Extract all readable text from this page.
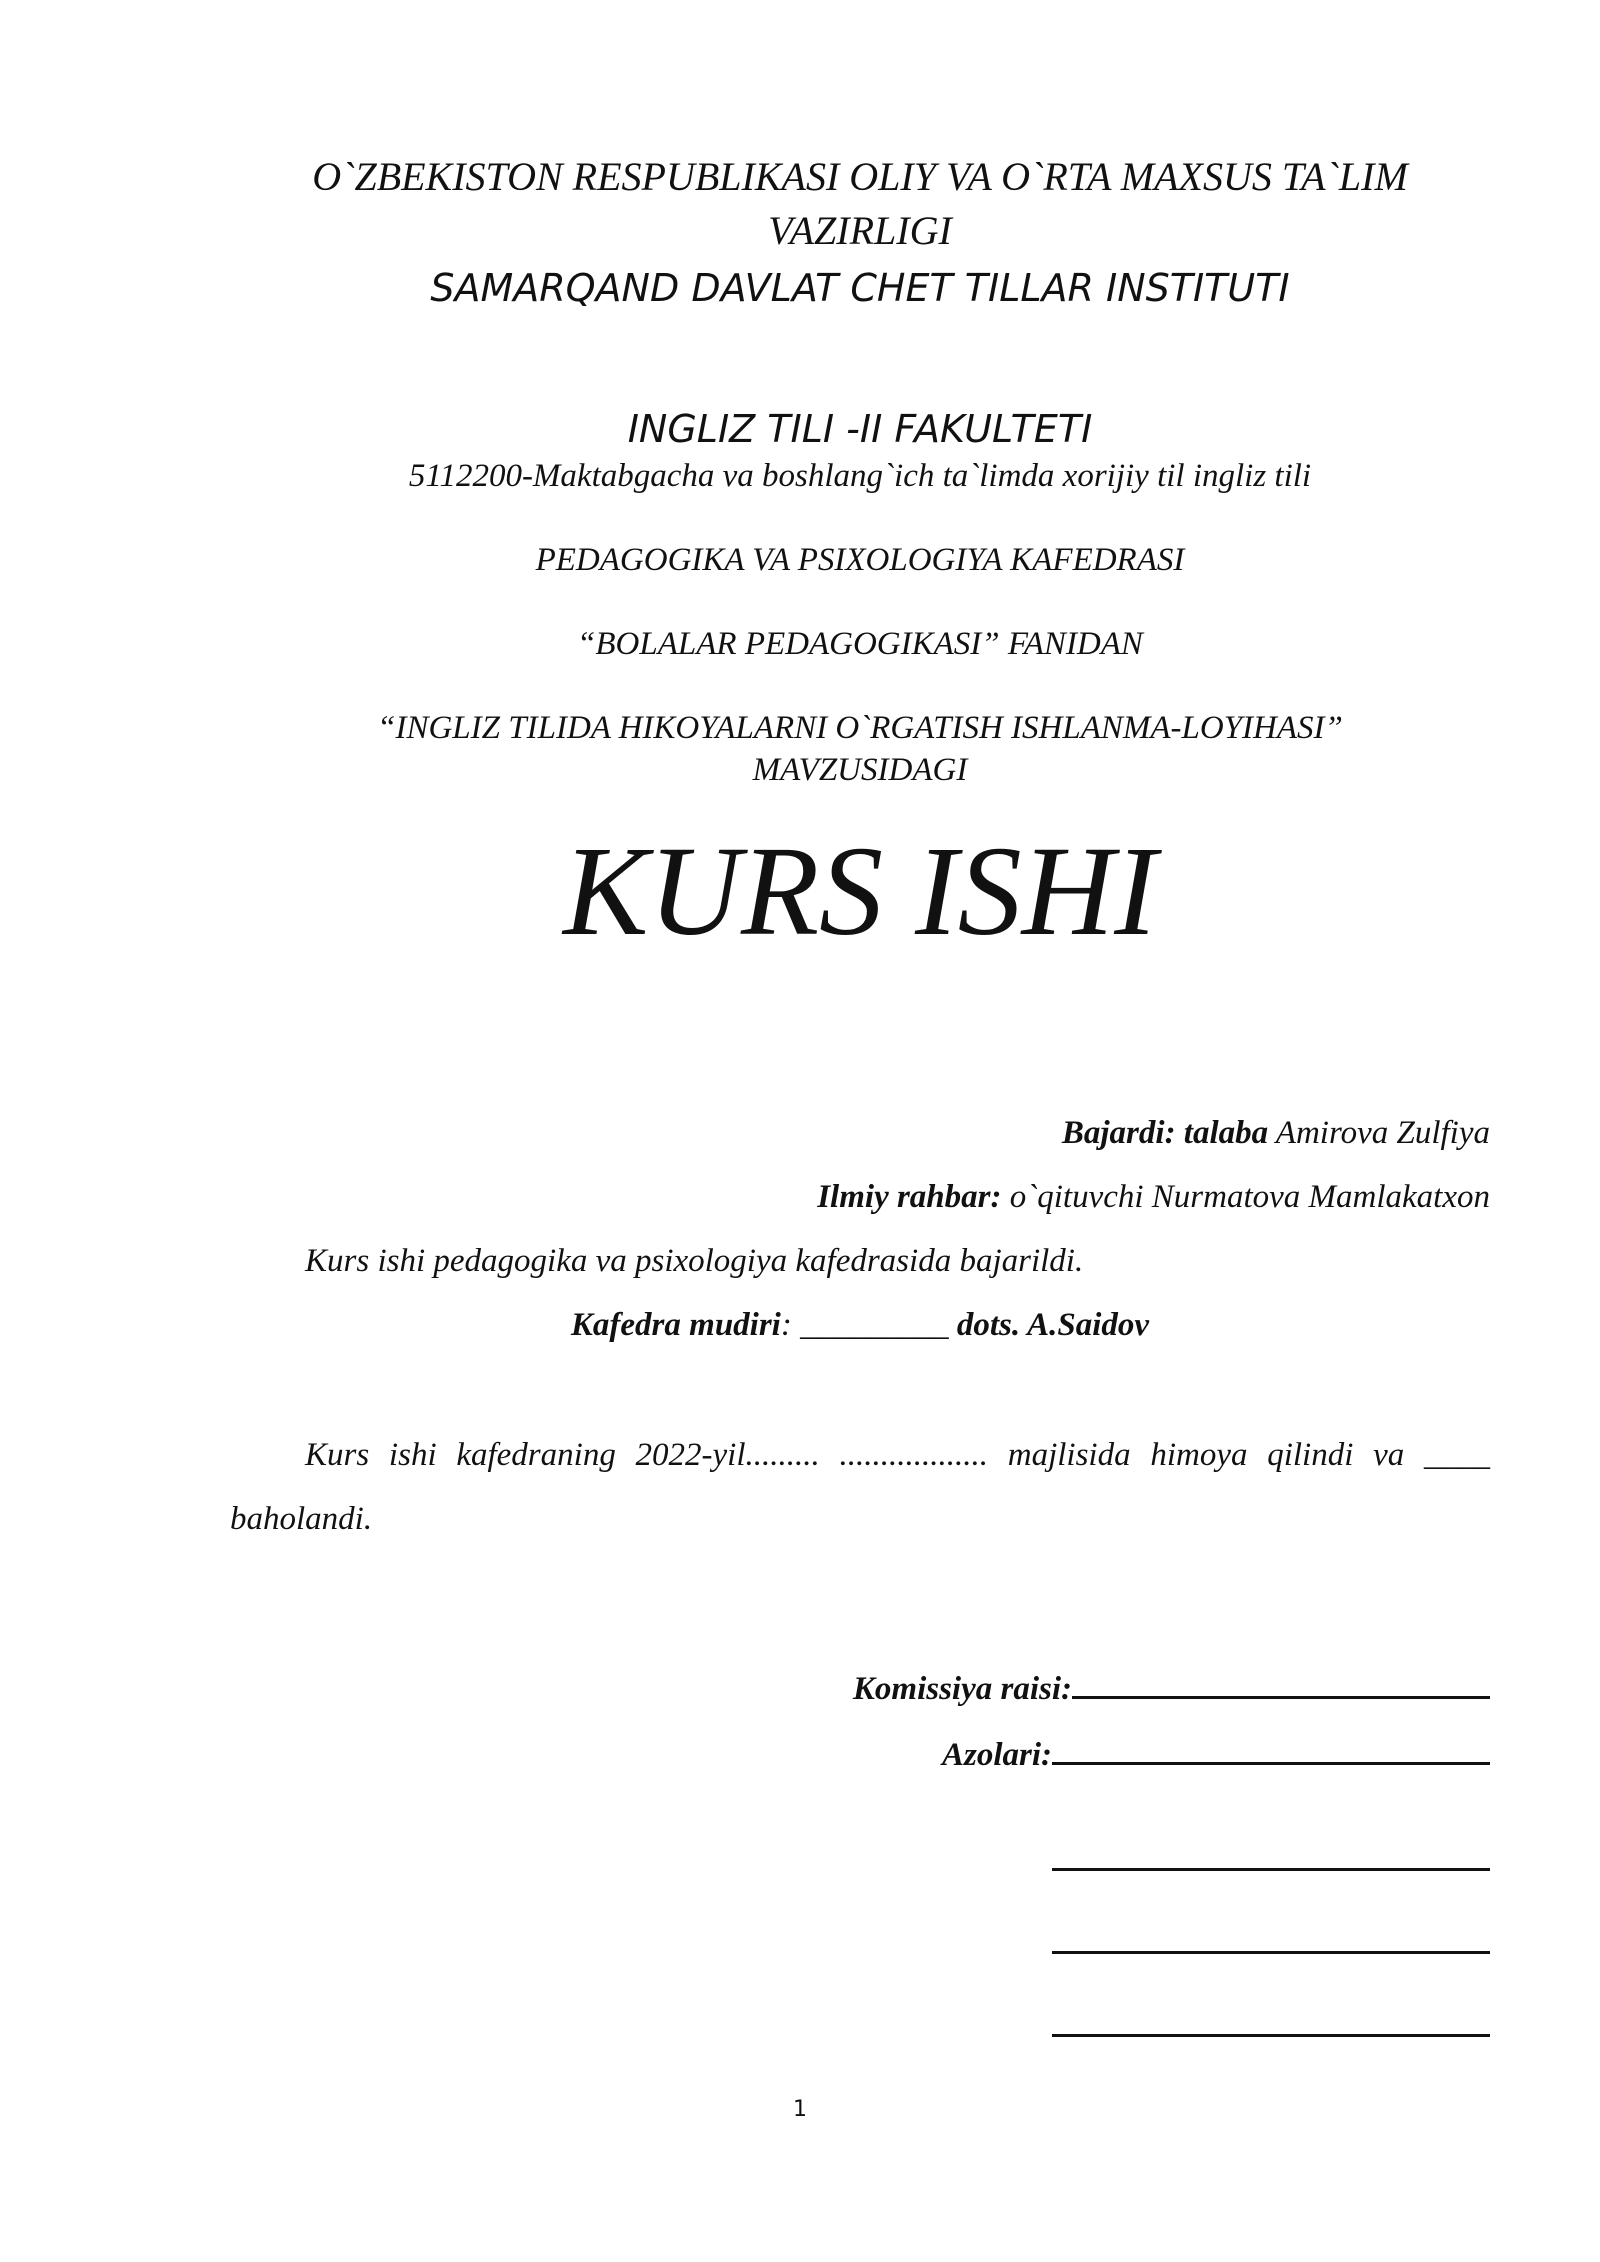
O`ZBEKISTON RESPUBLIKASI OLIY VA O`RTA MAXSUS TA`LIM

VAZIRLIGI

SAMARQAND DAVLAT CHET TILLAR INSTITUTI

INGLIZ TILI -II FAKULTETI

5112200-Maktabgacha va boshlang`ich ta`limda xorijiy til ingliz tili

PEDAGOGIKA VA PSIXOLOGIYA KAFEDRASI

“BOLALAR PEDAGOGIKASI” FANIDAN

“INGLIZ TILIDA HIKOYALARNI O`RGATISH ISHLANMA-LOYIHASI”

MAVZUSIDAGI

KURS ISHI

Bajardi: talaba Amirova Zulfiya

Ilmiy rahbar: o`qituvchi Nurmatova Mamlakatxon

Kurs ishi pedagogika va psixologiya kafedrasida bajarildi.

Kafedra mudiri: _________ dots. A.Saidov

Kurs ishi kafedraning 2022-yil......... .................. majlisida himoya qilindi va ____ baholandi.

Komissiya raisi:

Azolari:

1
